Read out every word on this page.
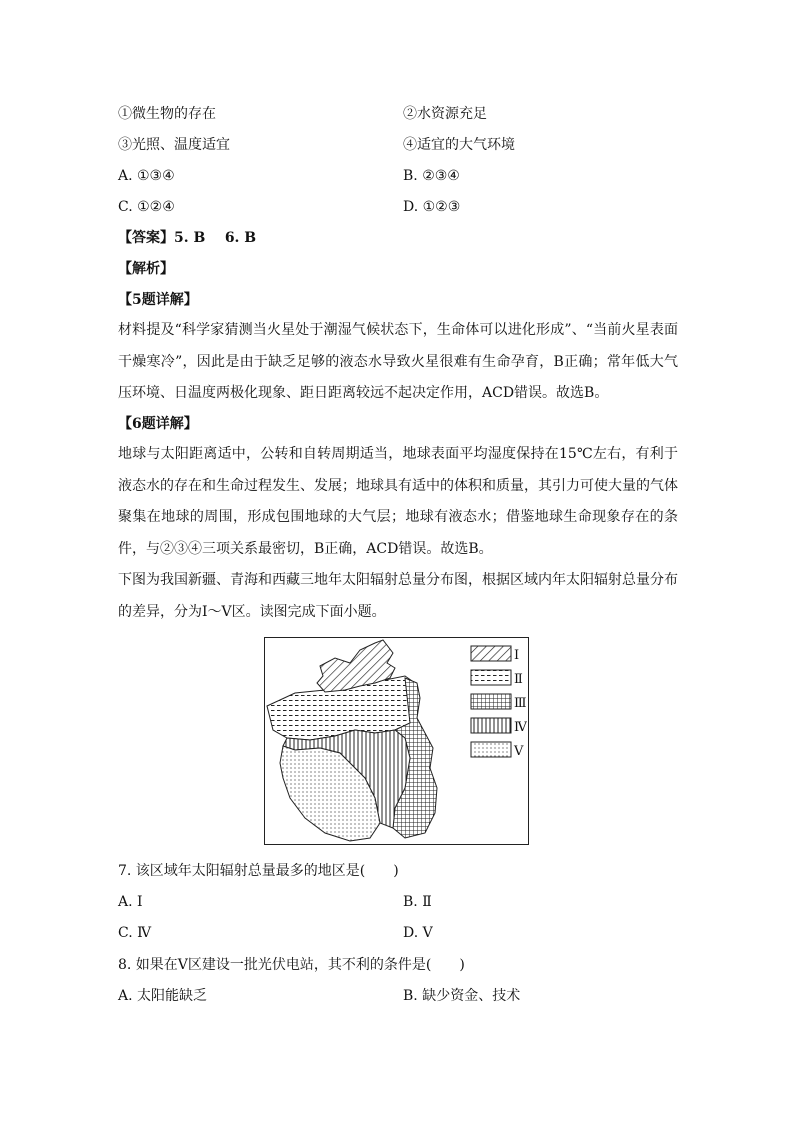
①微生物的存在	②水资源充足
③光照、温度适宜	④适宜的大气环境
A. ①③④	B. ②③④
C. ①②④	D. ①②③
【答案】5. B    6. B
【解析】
【5题详解】
材料提及“科学家猜测当火星处于潮湿气候状态下，生命体可以进化形成”、“当前火星表面干燥寒冷”，因此是由于缺乏足够的液态水导致火星很难有生命孕育，B正确；常年低大气压环境、日温度两极化现象、距日距离较远不起决定作用，ACD错误。故选B。
【6题详解】
地球与太阳距离适中，公转和自转周期适当，地球表面平均湿度保持在15℃左右，有利于液态水的存在和生命过程发生、发展；地球具有适中的体积和质量，其引力可使大量的气体聚集在地球的周围，形成包围地球的大气层；地球有液态水；借鉴地球生命现象存在的条件，与②③④三项关系最密切，B正确，ACD错误。故选B。
下图为我国新疆、青海和西藏三地年太阳辐射总量分布图，根据区域内年太阳辐射总量分布的差异，分为Ⅰ～Ⅴ区。读图完成下面小题。
Ⅰ
Ⅱ
Ⅲ
Ⅳ
Ⅴ
7. 该区域年太阳辐射总量最多的地区是(　　)
A. Ⅰ	B. Ⅱ
C. Ⅳ	D. Ⅴ
8. 如果在Ⅴ区建设一批光伏电站，其不利的条件是(　　)
A. 太阳能缺乏	B. 缺少资金、技术
